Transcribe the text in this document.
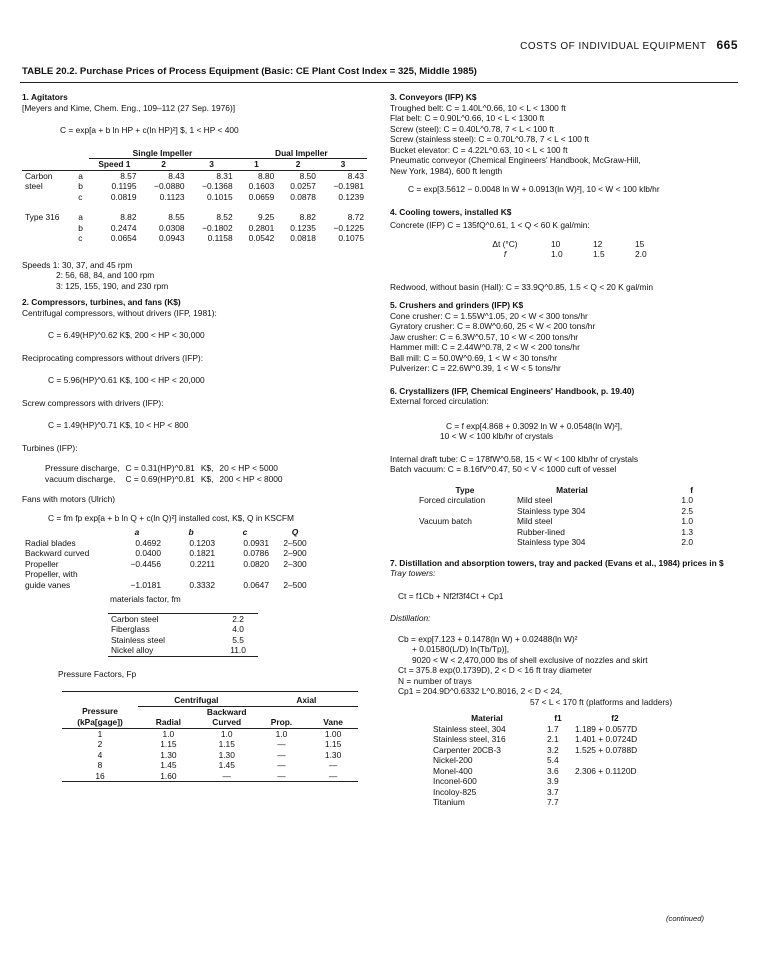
COSTS OF INDIVIDUAL EQUIPMENT 665
TABLE 20.2. Purchase Prices of Process Equipment (Basic: CE Plant Cost Index = 325, Middle 1985)
1. Agitators
[Meyers and Kime, Chem. Eng., 109–112 (27 Sep. 1976)]
C = exp[a + b ln HP + c(ln HP)²] $, 1 < HP < 400
		Single Impeller			Dual Impeller		
		Speed 1	2	3	1	2	3
Carbon	a	8.57	8.43	8.31	8.80	8.50	8.43
steel	b	0.1195	−0.0880	−0.1368	0.1603	0.0257	−0.1981
	c	0.0819	0.1123	0.1015	0.0659	0.0878	0.1239
Type 316	a	8.82	8.55	8.52	9.25	8.82	8.72
	b	0.2474	0.0308	−0.1802	0.2801	0.1235	−0.1225
	c	0.0654	0.0943	0.1158	0.0542	0.0818	0.1075
Speeds 1: 30, 37, and 45 rpm
2: 56, 68, 84, and 100 rpm
3: 125, 155, 190, and 230 rpm
2. Compressors, turbines, and fans (K$)
Centrifugal compressors, without drivers (IFP, 1981):
C = 6.49(HP)^0.62 K$, 200 < HP < 30,000
Reciprocating compressors without drivers (IFP):
C = 5.96(HP)^0.61 K$, 100 < HP < 20,000
Screw compressors with drivers (IFP):
C = 1.49(HP)^0.71 K$, 10 < HP < 800
Turbines (IFP):
Pressure discharge,	C = 0.31(HP)^0.81	K$,	20 < HP < 5000
vacuum discharge,	C = 0.69(HP)^0.81	K$,	200 < HP < 8000
Fans with motors (Ulrich)
C = fm fp exp[a + b ln Q + c(ln Q)²] installed cost, K$, Q in KSCFM
	a	b	c	Q
Radial blades	0.4692	0.1203	0.0931	2–500
Backward curved	0.0400	0.1821	0.0786	2–900
Propeller	−0.4456	0.2211	0.0820	2–300
Propeller, with				
guide vanes	−1.0181	0.3332	0.0647	2–500
materials factor, fm
Carbon steel	2.2
Fiberglass	4.0
Stainless steel	5.5
Nickel alloy	11.0
Pressure Factors, Fp
	Centrifugal		Axial	
Pressure (kPa[gage])	Radial	Backward Curved	Prop.	Vane
1	1.0	1.0	1.0	1.00
2	1.15	1.15	—	1.15
4	1.30	1.30	—	1.30
8	1.45	1.45	—	—
16	1.60	—	—	—
3. Conveyors (IFP) K$
Troughed belt: C = 1.40L^0.66, 10 < L < 1300 ft
Flat belt: C = 0.90L^0.66, 10 < L < 1300 ft
Screw (steel): C = 0.40L^0.78, 7 < L < 100 ft
Screw (stainless steel): C = 0.70L^0.78, 7 < L < 100 ft
Bucket elevator: C = 4.22L^0.63, 10 < L < 100 ft
Pneumatic conveyor (Chemical Engineers' Handbook, McGraw-Hill,
New York, 1984), 600 ft length
C = exp[3.5612 − 0.0048 ln W + 0.0913(ln W)²], 10 < W < 100 klb/hr
4. Cooling towers, installed K$
Concrete (IFP) C = 135fQ^0.61, 1 < Q < 60 K gal/min:
Δt (°C)	10	12	15
f	1.0	1.5	2.0
Redwood, without basin (Hall): C = 33.9Q^0.85, 1.5 < Q < 20 K gal/min
5. Crushers and grinders (IFP) K$
Cone crusher: C = 1.55W^1.05, 20 < W < 300 tons/hr
Gyratory crusher: C = 8.0W^0.60, 25 < W < 200 tons/hr
Jaw crusher: C = 6.3W^0.57, 10 < W < 200 tons/hr
Hammer mill: C = 2.44W^0.78, 2 < W < 200 tons/hr
Ball mill: C = 50.0W^0.69, 1 < W < 30 tons/hr
Pulverizer: C = 22.6W^0.39, 1 < W < 5 tons/hr
6. Crystallizers (IFP, Chemical Engineers' Handbook, p. 19.40)
External forced circulation:
C = f exp[4.868 + 0.3092 ln W + 0.0548(ln W)²],
10 < W < 100 klb/hr of crystals
Internal draft tube: C = 178fW^0.58, 15 < W < 100 klb/hr of crystals
Batch vacuum: C = 8.16fV^0.47, 50 < V < 1000 cuft of vessel
Type	Material	f
Forced circulation	Mild steel	1.0
	Stainless type 304	2.5
Vacuum batch	Mild steel	1.0
	Rubber-lined	1.3
	Stainless type 304	2.0
7. Distillation and absorption towers, tray and packed (Evans et al., 1984) prices in $
Tray towers:
Ct = f1Cb + Nf2f3f4Ct + Cp1
Distillation:
Cb = exp[7.123 + 0.1478(ln W) + 0.02488(ln W)²
+ 0.01580(L/D) ln(Tb/Tp)],
9020 < W < 2,470,000 lbs of shell exclusive of nozzles and skirt
Ct = 375.8 exp(0.1739D), 2 < D < 16 ft tray diameter
N = number of trays
Cp1 = 204.9D^0.6332 L^0.8016, 2 < D < 24,
57 < L < 170 ft (platforms and ladders)
Material	f1	f2
Stainless steel, 304	1.7	1.189 + 0.0577D
Stainless steel, 316	2.1	1.401 + 0.0724D
Carpenter 20CB-3	3.2	1.525 + 0.0788D
Nickel-200	5.4	
Monel-400	3.6	2.306 + 0.1120D
Inconel-600	3.9	
Incoloy-825	3.7	
Titanium	7.7	
(continued)
